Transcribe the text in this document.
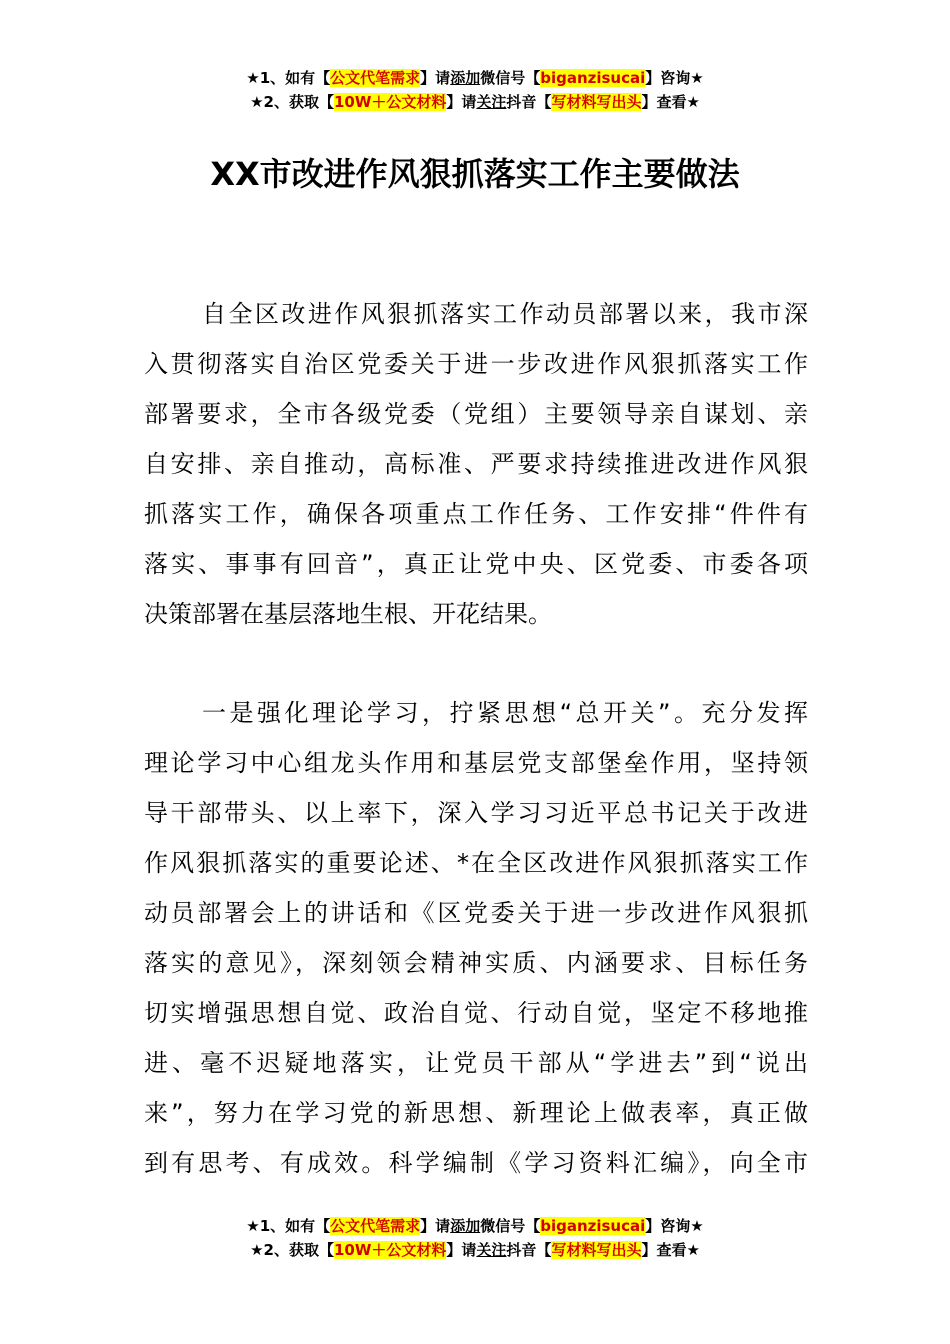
★1、如有【公文代笔需求】请添加微信号【biganzisucai】咨询★
★2、获取【10W＋公文材料】请关注抖音【写材料写出头】查看★
XX市改进作风狠抓落实工作主要做法
自全区改进作风狠抓落实工作动员部署以来，我市深
入贯彻落实自治区党委关于进一步改进作风狠抓落实工作
部署要求，全市各级党委（党组）主要领导亲自谋划、亲
自安排、亲自推动，高标准、严要求持续推进改进作风狠
抓落实工作，确保各项重点工作任务、工作安排“件件有
落实、事事有回音”，真正让党中央、区党委、市委各项
决策部署在基层落地生根、开花结果。
一是强化理论学习，拧紧思想“总开关”。充分发挥
理论学习中心组龙头作用和基层党支部堡垒作用，坚持领
导干部带头、以上率下，深入学习习近平总书记关于改进
作风狠抓落实的重要论述、*在全区改进作风狠抓落实工作
动员部署会上的讲话和《区党委关于进一步改进作风狠抓
落实的意见》，深刻领会精神实质、内涵要求、目标任务
切实增强思想自觉、政治自觉、行动自觉，坚定不移地推
进、毫不迟疑地落实，让党员干部从“学进去”到“说出
来”，努力在学习党的新思想、新理论上做表率，真正做
到有思考、有成效。科学编制《学习资料汇编》，向全市
★1、如有【公文代笔需求】请添加微信号【biganzisucai】咨询★
★2、获取【10W＋公文材料】请关注抖音【写材料写出头】查看★
